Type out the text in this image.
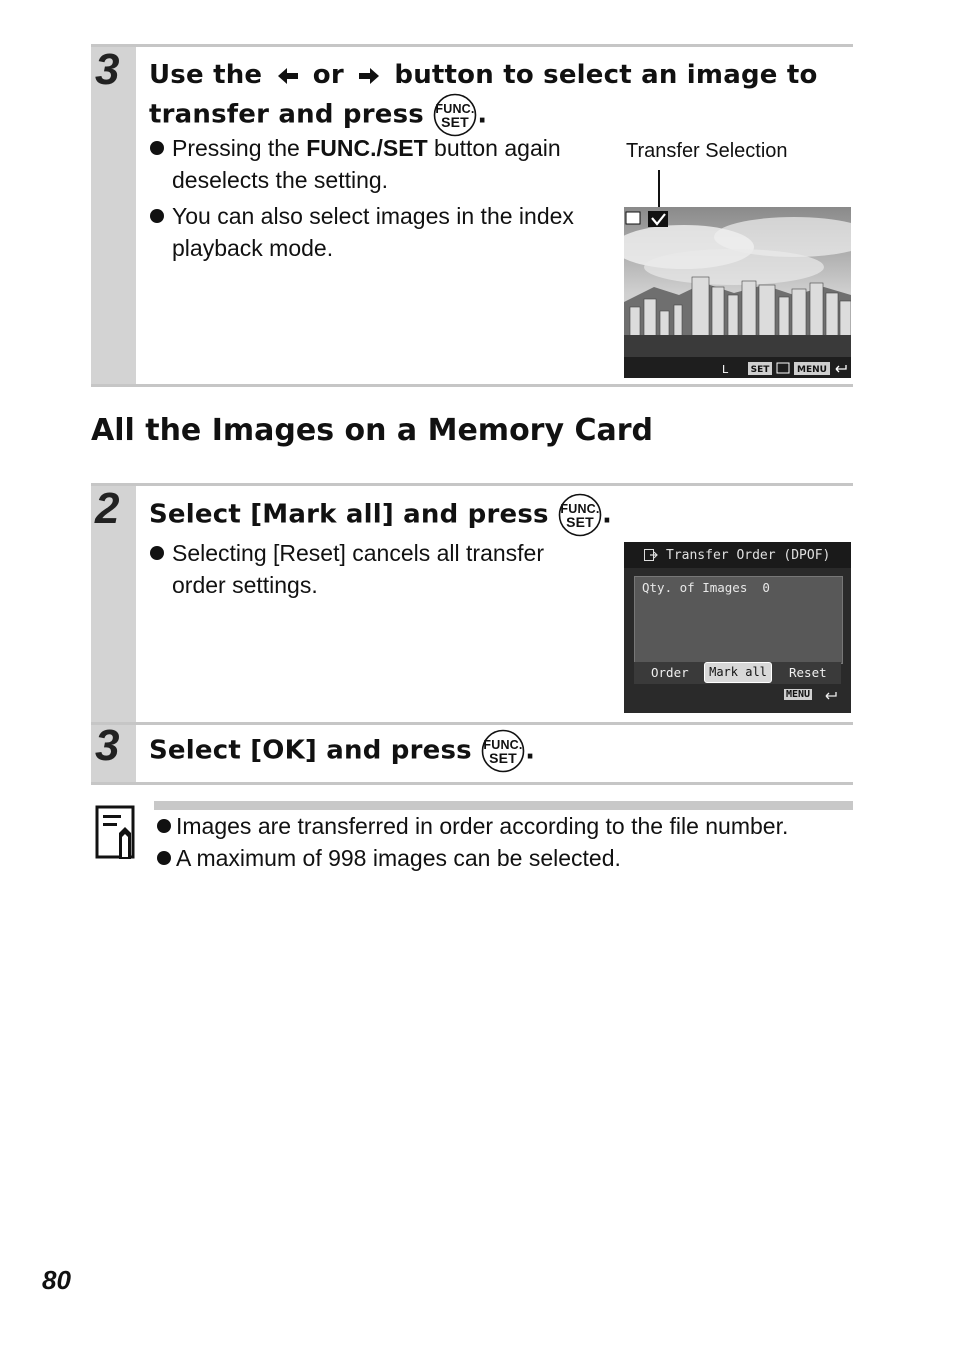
3 Use the or button to select an image to
transfer and press FUNC.
SET .
Pressing the FUNC./SET button again deselects the setting.
You can also select images in the index playback mode.
Transfer Selection
L SET	MENU
All the Images on a Memory Card
2 Select [Mark all] and press FUNC.
SET .
Selecting [Reset] cancels all transfer order settings.
Transfer Order (DPOF)
Qty. of Images  0
Order	Mark all	Reset
MENU
3 Select [OK] and press FUNC.
SET .
Images are transferred in order according to the file number.
A maximum of 998 images can be selected.
80
